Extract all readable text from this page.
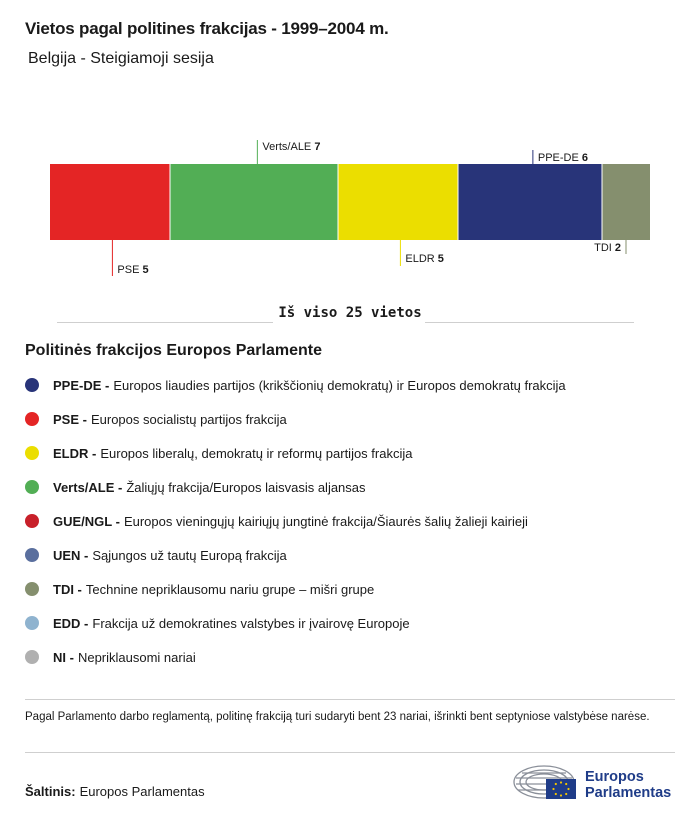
Vietos pagal politines frakcijas - 1999–2004 m.
Belgija - Steigiamoji sesija
PSE 5
Verts/ALE 7
ELDR 5
PPE-DE 6
TDI 2
Iš viso 25 vietos
Politinės frakcijos Europos Parlamente
PPE-DE - Europos liaudies partijos (krikščionių demokratų) ir Europos demokratų frakcija
PSE - Europos socialistų partijos frakcija
ELDR - Europos liberalų, demokratų ir reformų partijos frakcija
Verts/ALE - Žaliųjų frakcija/Europos laisvasis aljansas
GUE/NGL - Europos vieningųjų kairiųjų jungtinė frakcija/Šiaurės šalių žalieji kairieji
UEN - Sąjungos už tautų Europą frakcija
TDI - Technine nepriklausomu nariu grupe – mišri grupe
EDD - Frakcija už demokratines valstybes ir įvairovę Europoje
NI - Nepriklausomi nariai
Pagal Parlamento darbo reglamentą, politinę frakciją turi sudaryti bent 23 nariai, išrinkti bent septyniose valstybėse narėse.
Šaltinis: Europos Parlamentas
Europos
Parlamentas
